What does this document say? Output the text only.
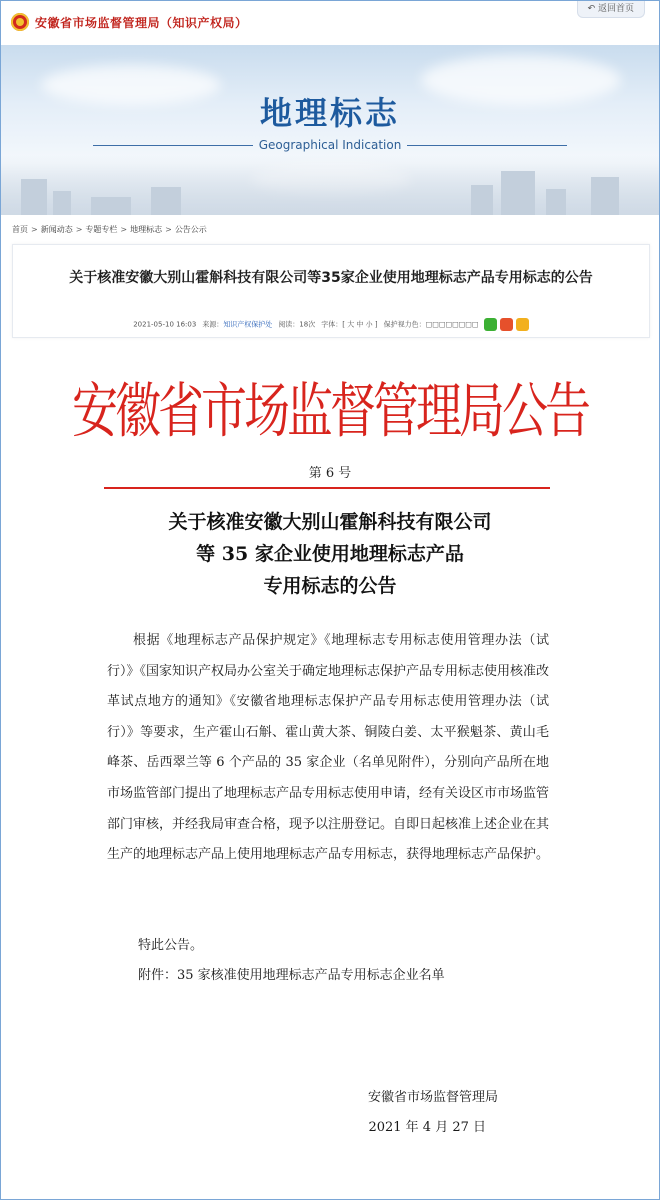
安徽省市场监督管理局（知识产权局）
↶ 返回首页
地理标志
Geographical Indication
首页 > 新闻动态 > 专题专栏 > 地理标志 > 公告公示
关于核准安徽大别山霍斛科技有限公司等35家企业使用地理标志产品专用标志的公告
2021-05-10 16:03 来源：知识产权保护处 阅读：18次 字体：[ 大 中 小 ] 保护视力色：□□□□□□□□
安徽省市场监督管理局公告
第 6 号
关于核准安徽大别山霍斛科技有限公司
等 35 家企业使用地理标志产品
专用标志的公告
根据《地理标志产品保护规定》《地理标志专用标志使用管理办法（试行）》《国家知识产权局办公室关于确定地理标志保护产品专用标志使用核准改革试点地方的通知》《安徽省地理标志保护产品专用标志使用管理办法（试行）》等要求，生产霍山石斛、霍山黄大茶、铜陵白姜、太平猴魁茶、黄山毛峰茶、岳西翠兰等 6 个产品的 35 家企业（名单见附件），分别向产品所在地市场监管部门提出了地理标志产品专用标志使用申请，经有关设区市市场监管部门审核，并经我局审查合格，现予以注册登记。自即日起核准上述企业在其生产的地理标志产品上使用地理标志产品专用标志，获得地理标志产品保护。
特此公告。
附件：35 家核准使用地理标志产品专用标志企业名单
安徽省市场监督管理局
2021 年 4 月 27 日
